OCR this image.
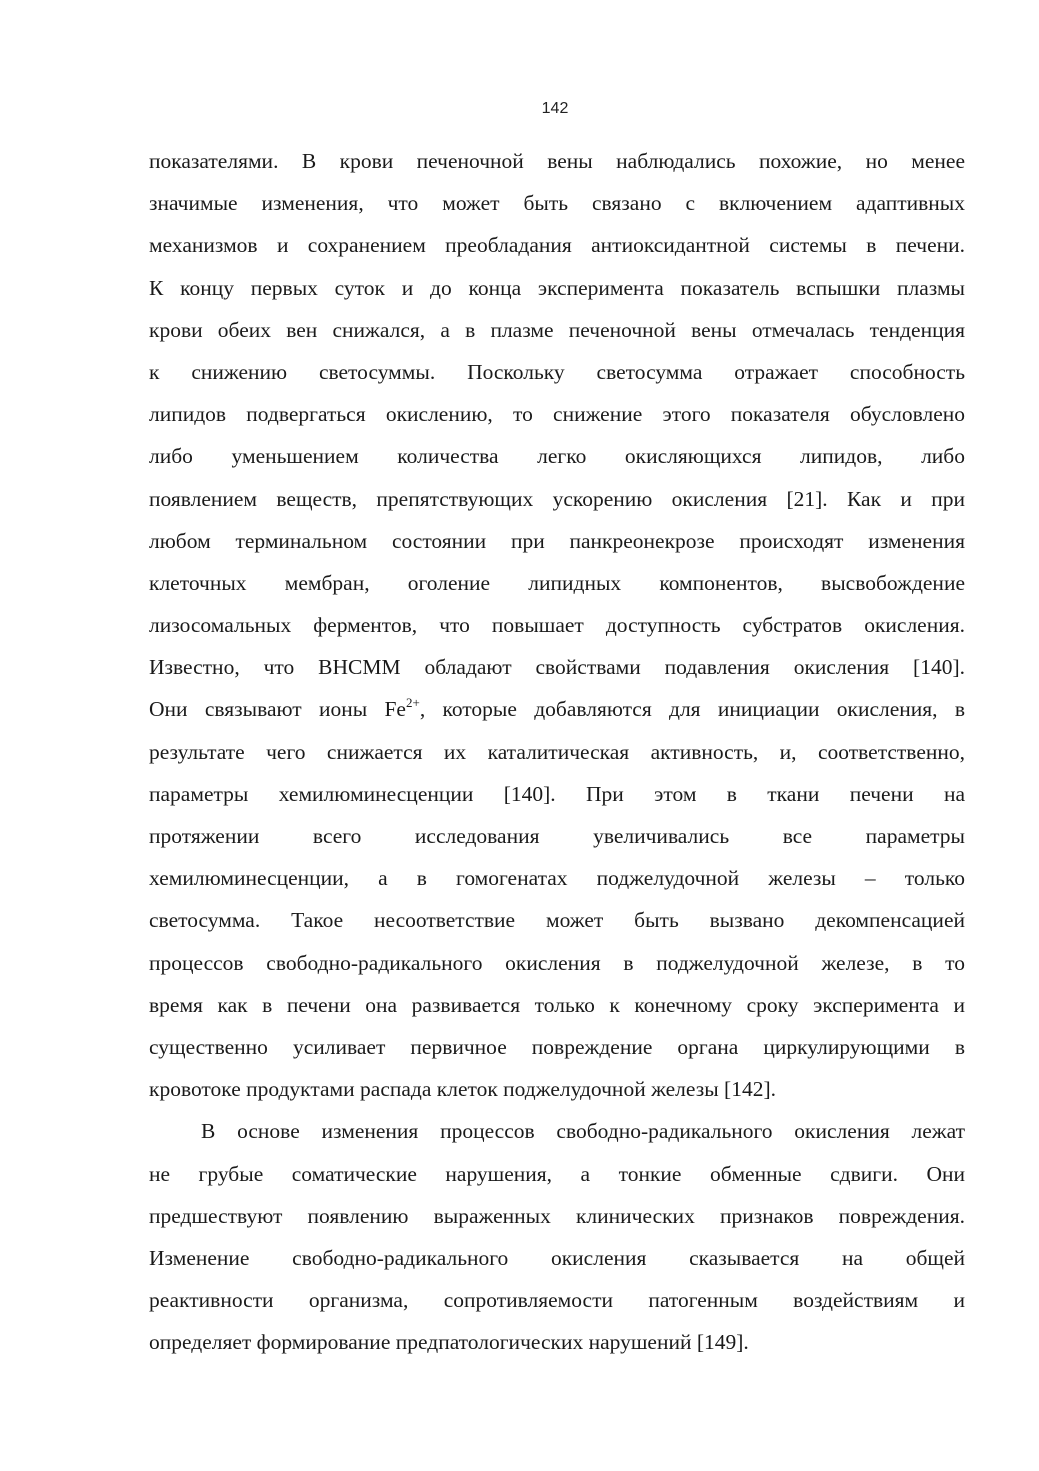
142
показателями. В крови печеночной вены наблюдались похожие, но менее
значимые изменения, что может быть связано с включением адаптивных
механизмов и сохранением преобладания антиоксидантной системы в печени.
К концу первых суток и до конца эксперимента показатель вспышки плазмы
крови обеих вен снижался, а в плазме печеночной вены отмечалась тенденция
к снижению светосуммы. Поскольку светосумма отражает способность
липидов подвергаться окислению, то снижение этого показателя обусловлено
либо уменьшением количества легко окисляющихся липидов, либо
появлением веществ, препятствующих ускорению окисления [21]. Как и при
любом терминальном состоянии при панкреонекрозе происходят изменения
клеточных мембран, оголение липидных компонентов, высвобождение
лизосомальных ферментов, что повышает доступность субстратов окисления.
Известно, что ВНСММ обладают свойствами подавления окисления [140].
Они связывают ионы $Fe^{2+}$, которые добавляются для инициации окисления, в
результате чего снижается их каталитическая активность, и, соответственно,
параметры хемилюминесценции [140]. При этом в ткани печени на
протяжении всего исследования увеличивались все параметры
хемилюминесценции, а в гомогенатах поджелудочной железы – только
светосумма. Такое несоответствие может быть вызвано декомпенсацией
процессов свободно-радикального окисления в поджелудочной железе, в то
время как в печени она развивается только к конечному сроку эксперимента и
существенно усиливает первичное повреждение органа циркулирующими в
кровотоке продуктами распада клеток поджелудочной железы [142].
В основе изменения процессов свободно-радикального окисления лежат
не грубые соматические нарушения, а тонкие обменные сдвиги. Они
предшествуют появлению выраженных клинических признаков повреждения.
Изменение свободно-радикального окисления сказывается на общей
реактивности организма, сопротивляемости патогенным воздействиям и
определяет формирование предпатологических нарушений [149].
